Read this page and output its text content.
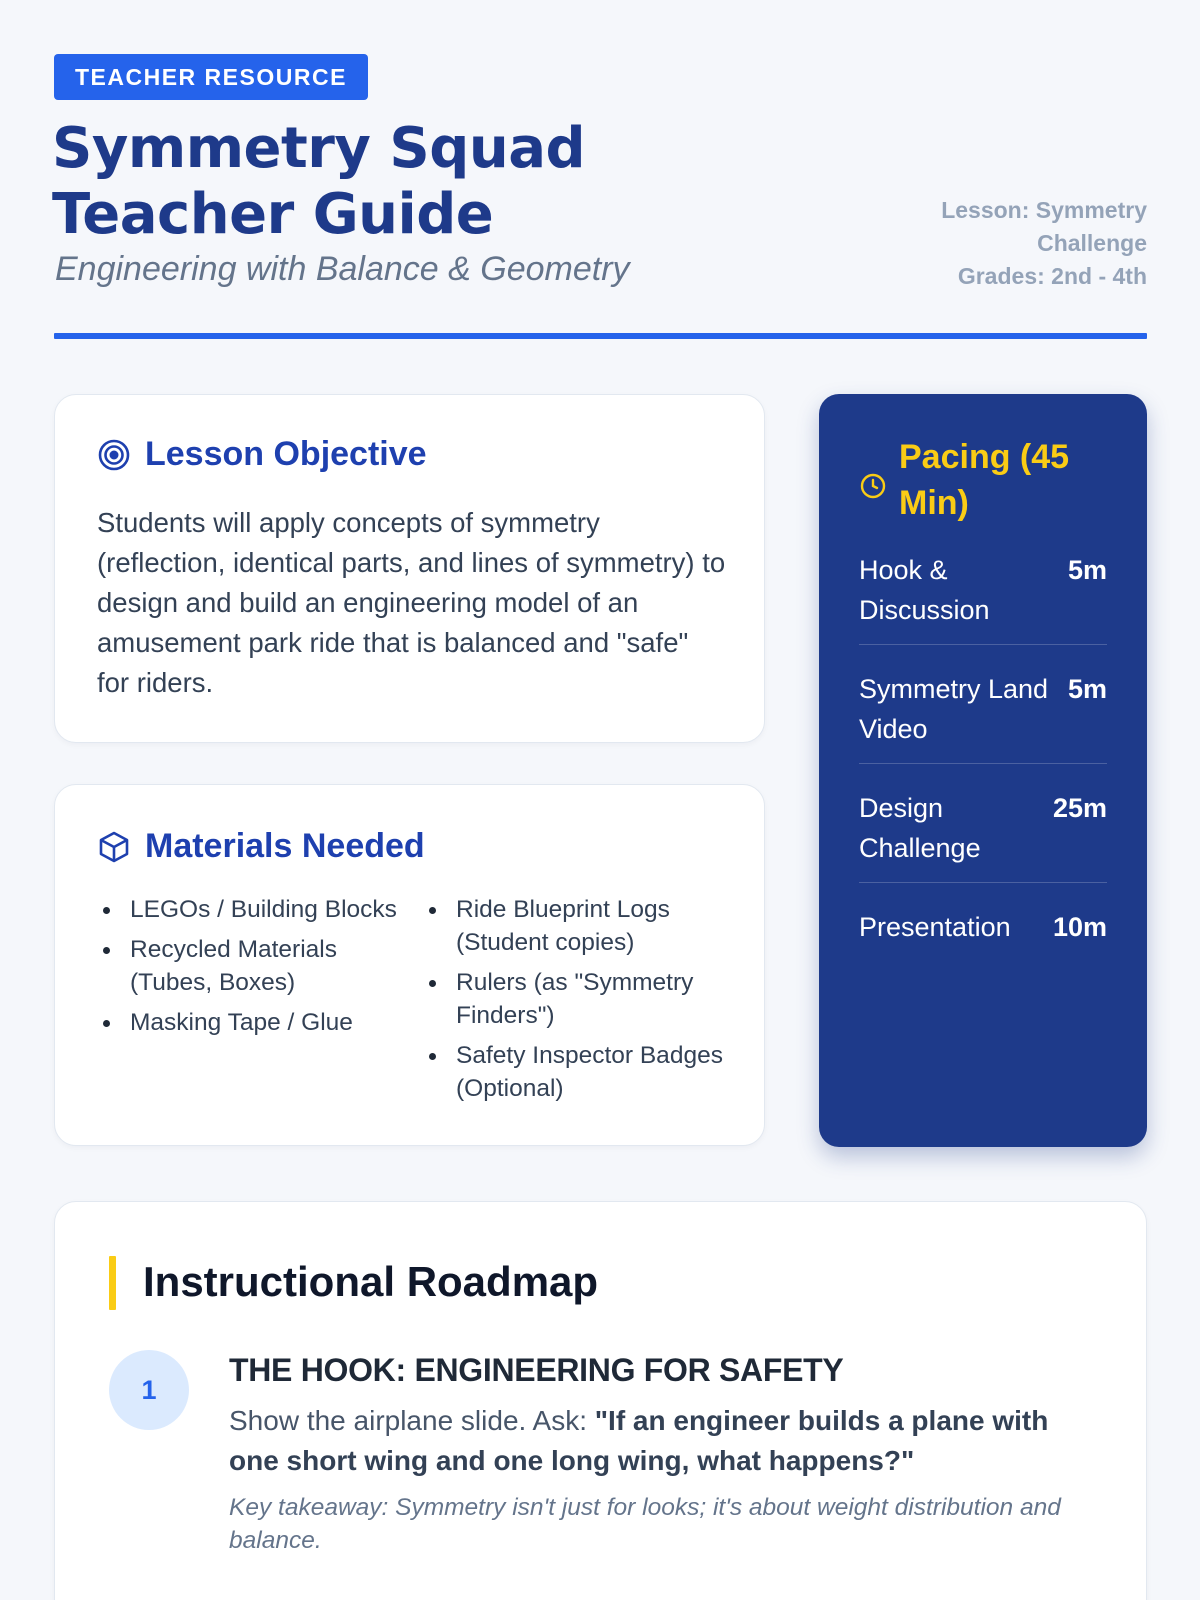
TEACHER RESOURCE
Symmetry Squad
Teacher Guide
Engineering with Balance & Geometry
Lesson: Symmetry Challenge
Grades: 2nd - 4th
Lesson Objective

Students will apply concepts of symmetry (reflection, identical parts, and lines of symmetry) to design and build an engineering model of an amusement park ride that is balanced and "safe" for riders.

Materials Needed
LEGOs / Building Blocks
Recycled Materials (Tubes, Boxes)
Masking Tape / Glue
Ride Blueprint Logs (Student copies)
Rulers (as "Symmetry Finders")
Safety Inspector Badges (Optional)
Pacing (45 Min)
Hook & Discussion
5m
Symmetry Land Video
5m
Design Challenge
25m
Presentation	10m
Instructional Roadmap
1
THE HOOK: ENGINEERING FOR SAFETY

Show the airplane slide. Ask: "If an engineer builds a plane with one short wing and one long wing, what happens?"

Key takeaway: Symmetry isn't just for looks; it's about weight distribution and balance.
